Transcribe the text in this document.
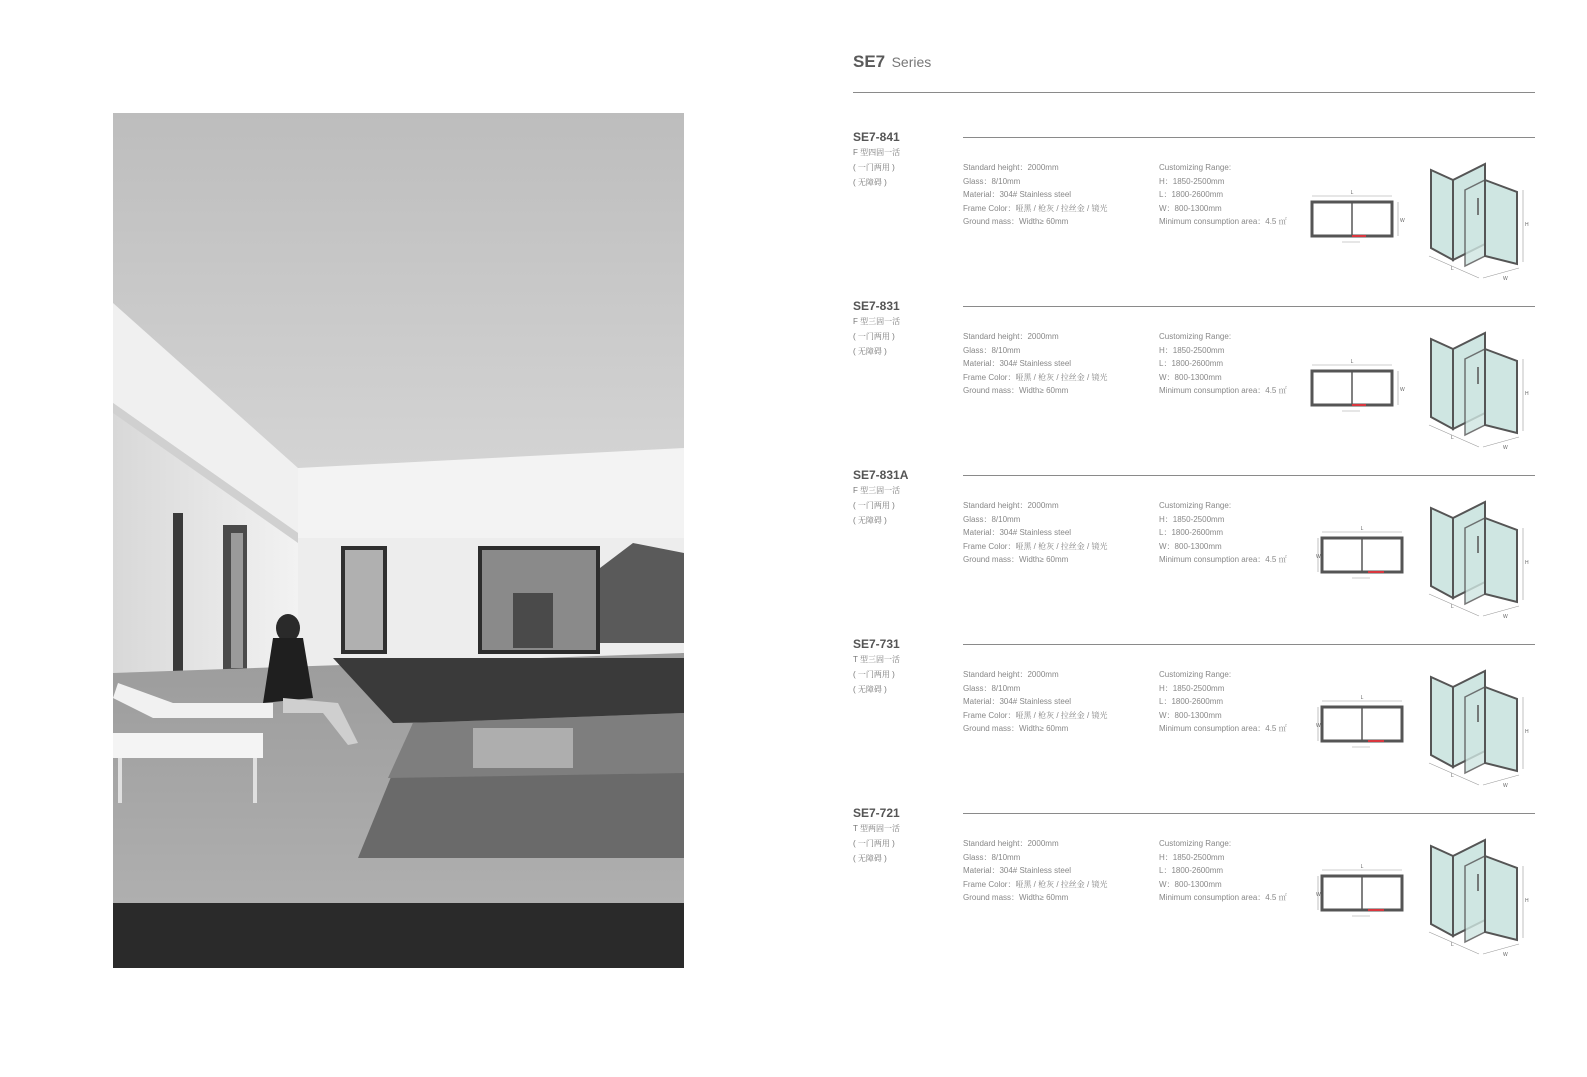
SE7 Series
SE7-841
F 型四固一活
( 一门两用 )
( 无障碍 )
Standard height：2000mm
Glass：8/10mm
Material：304# Stainless steel
Frame Color：哑黑 / 枪灰 / 拉丝金 / 镜光
Ground mass：Width≥ 60mm
Customizing Range:
H：1850-2500mm
L：1800-2600mm
W：800-1300mm
Minimum consumption area：4.5 ㎡
L
W
H
L
W
SE7-831
F 型三固一活
( 一门两用 )
( 无障碍 )
Standard height：2000mm
Glass：8/10mm
Material：304# Stainless steel
Frame Color：哑黑 / 枪灰 / 拉丝金 / 镜光
Ground mass：Width≥ 60mm
Customizing Range:
H：1850-2500mm
L：1800-2600mm
W：800-1300mm
Minimum consumption area：4.5 ㎡
L
W
H
L
W
SE7-831A
F 型三固一活
( 一门两用 )
( 无障碍 )
Standard height：2000mm
Glass：8/10mm
Material：304# Stainless steel
Frame Color：哑黑 / 枪灰 / 拉丝金 / 镜光
Ground mass：Width≥ 60mm
Customizing Range:
H：1850-2500mm
L：1800-2600mm
W：800-1300mm
Minimum consumption area：4.5 ㎡
L
W
H
L
W
SE7-731
T 型三固一活
( 一门两用 )
( 无障碍 )
Standard height：2000mm
Glass：8/10mm
Material：304# Stainless steel
Frame Color：哑黑 / 枪灰 / 拉丝金 / 镜光
Ground mass：Width≥ 60mm
Customizing Range:
H：1850-2500mm
L：1800-2600mm
W：800-1300mm
Minimum consumption area：4.5 ㎡
L
W
H
L
W
SE7-721
T 型两固一活
( 一门两用 )
( 无障碍 )
Standard height：2000mm
Glass：8/10mm
Material：304# Stainless steel
Frame Color：哑黑 / 枪灰 / 拉丝金 / 镜光
Ground mass：Width≥ 60mm
Customizing Range:
H：1850-2500mm
L：1800-2600mm
W：800-1300mm
Minimum consumption area：4.5 ㎡
L
W
H
L
W
